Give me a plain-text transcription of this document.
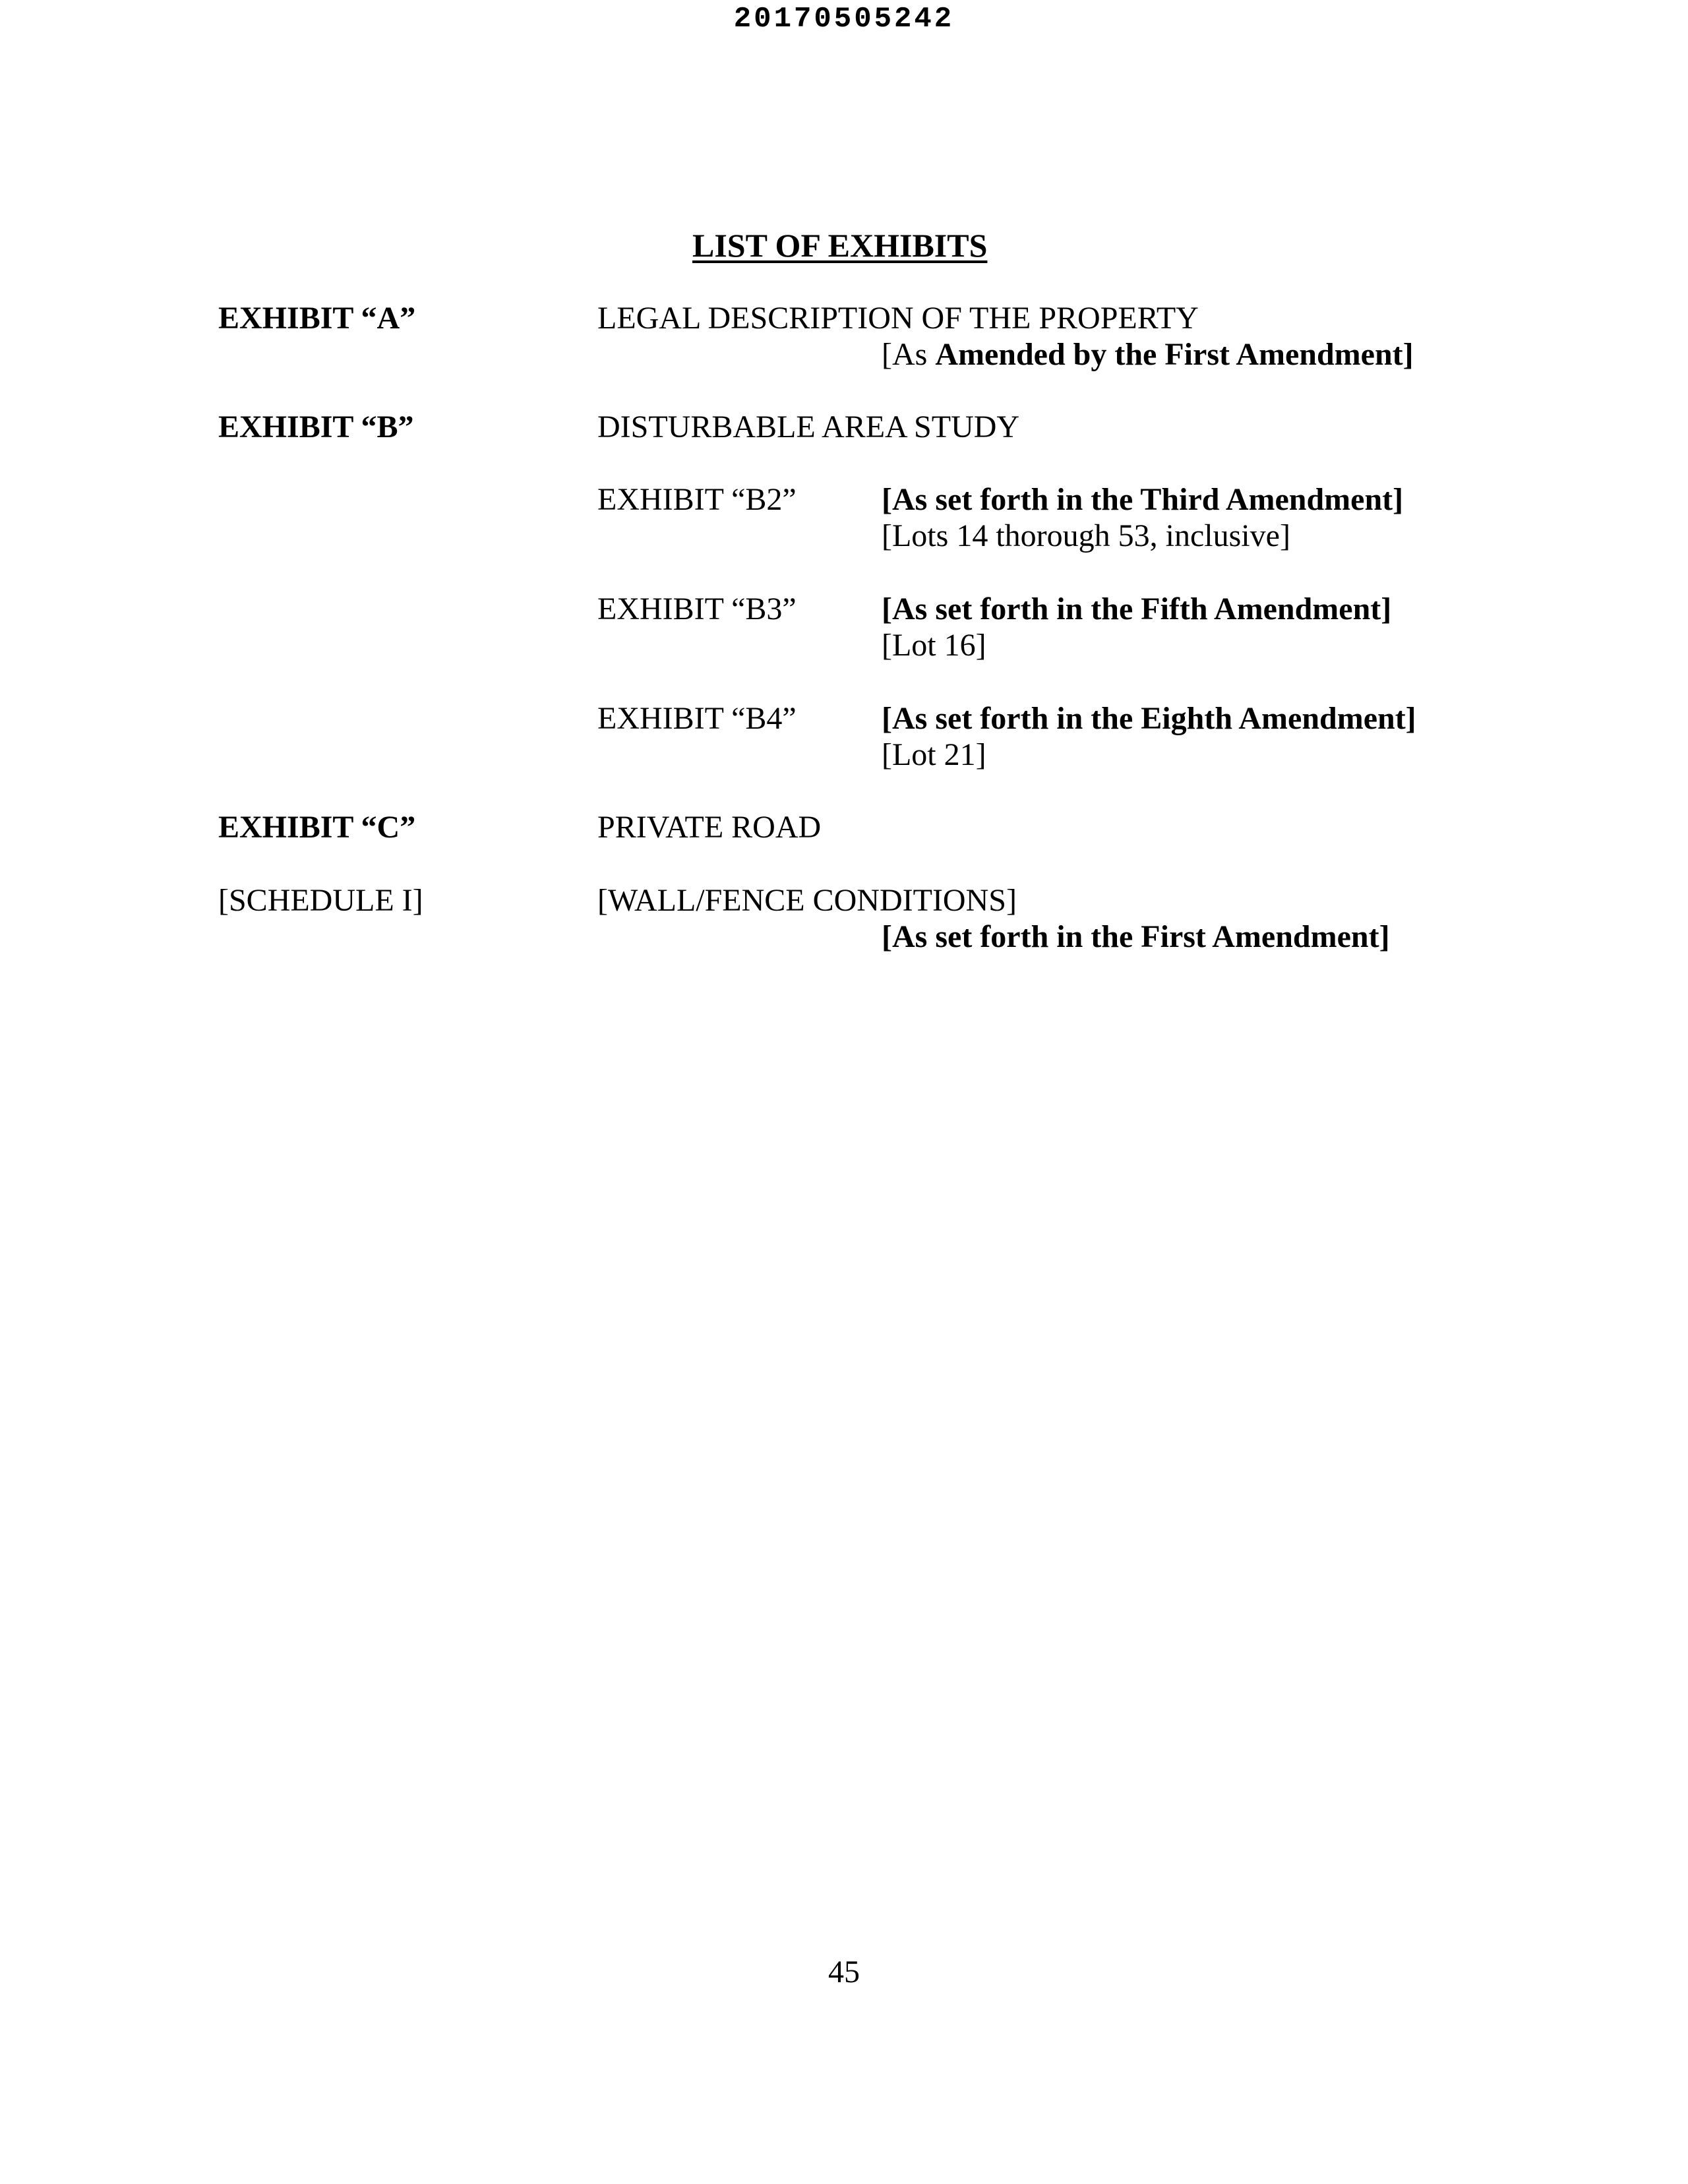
20170505242
LIST OF EXHIBITS
EXHIBIT “A”	LEGAL DESCRIPTION OF THE PROPERTY
[As Amended by the First Amendment]
EXHIBIT “B”	DISTURBABLE AREA STUDY
EXHIBIT “B2”	[As set forth in the Third Amendment]
[Lots 14 thorough 53, inclusive]
EXHIBIT “B3”	[As set forth in the Fifth Amendment]
[Lot 16]
EXHIBIT “B4”	[As set forth in the Eighth Amendment]
[Lot 21]
EXHIBIT “C”	PRIVATE ROAD
[SCHEDULE I]	[WALL/FENCE CONDITIONS]
[As set forth in the First Amendment]
45
